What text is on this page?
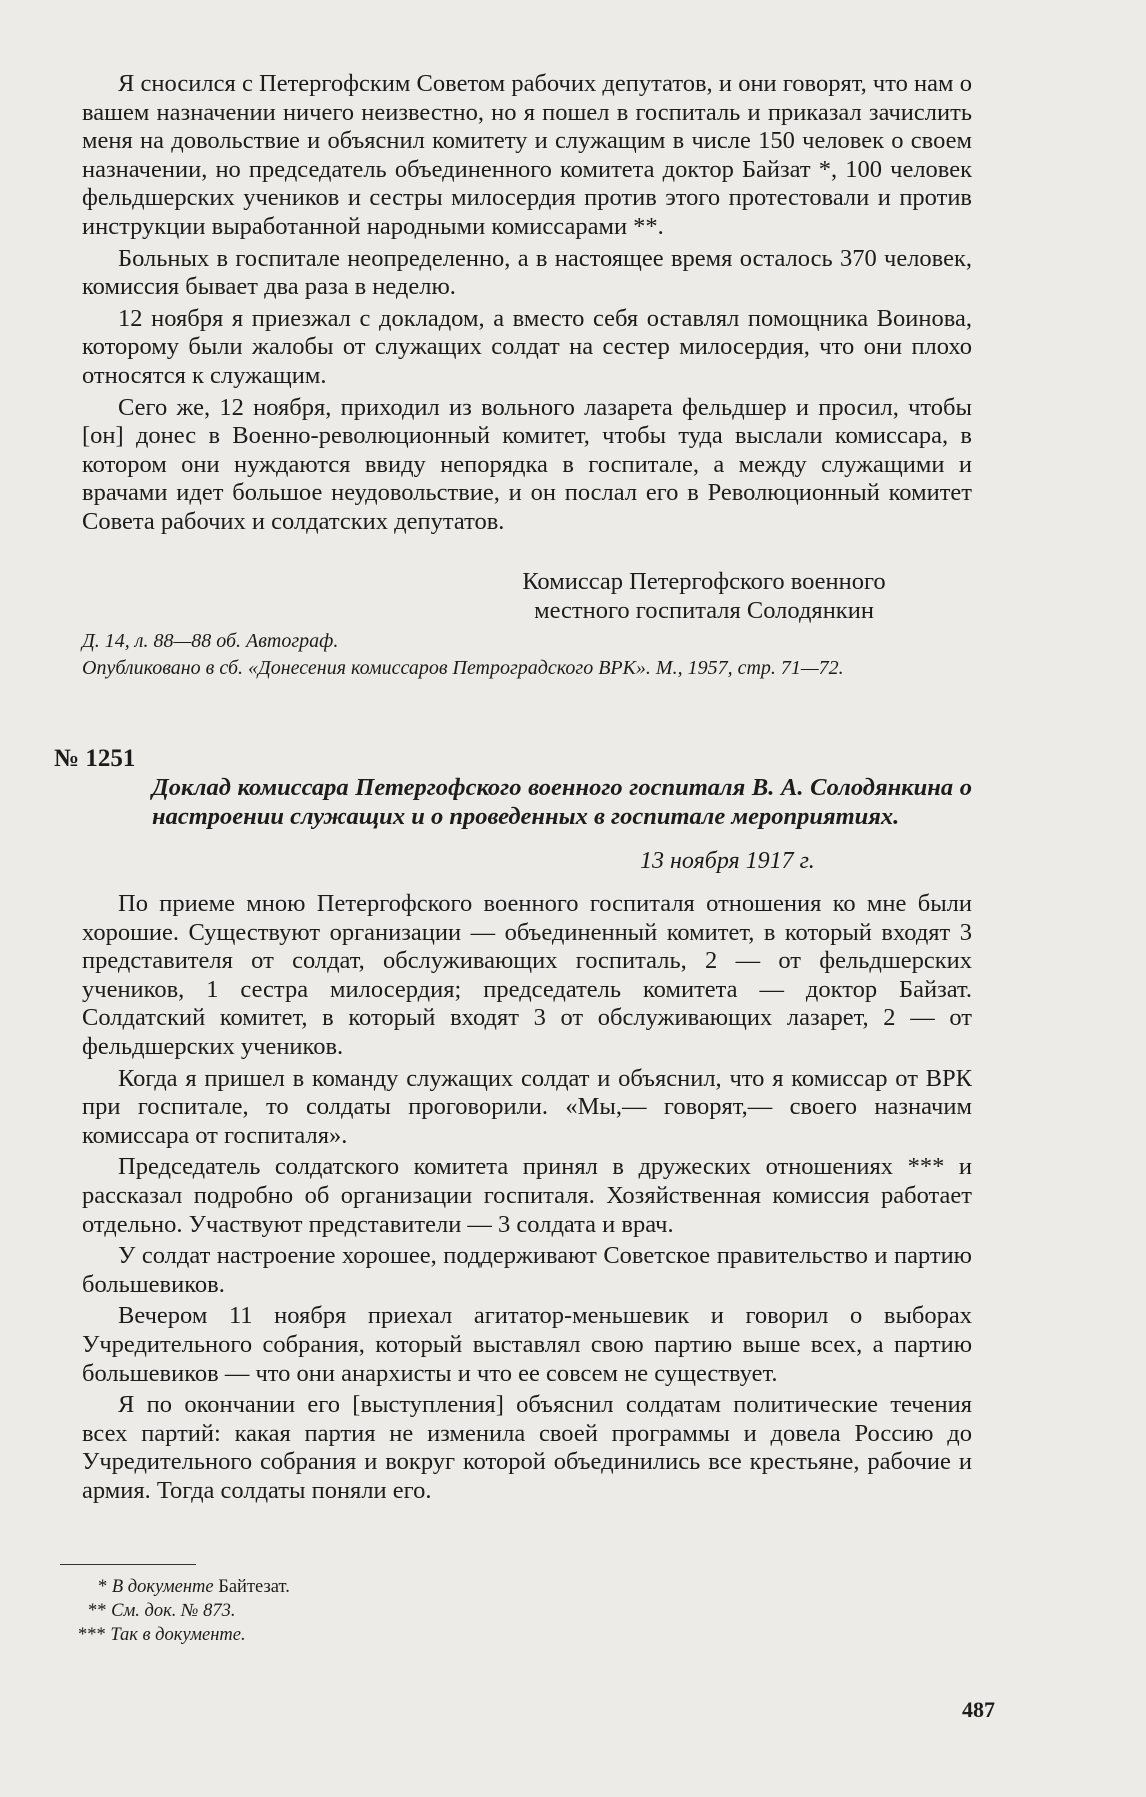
Я сносился с Петергофским Советом рабочих депутатов, и они говорят, что нам о вашем назначении ничего неизвестно, но я пошел в госпиталь и приказал зачислить меня на довольствие и объяснил комитету и служащим в числе 150 человек о своем назначении, но председатель объединенного комитета доктор Байзат *, 100 человек фельдшерских учеников и сестры милосердия против этого протестовали и против инструкции выработанной народными комиссарами **.

Больных в госпитале неопределенно, а в настоящее время осталось 370 человек, комиссия бывает два раза в неделю.

12 ноября я приезжал с докладом, а вместо себя оставлял помощника Воинова, которому были жалобы от служащих солдат на сестер милосердия, что они плохо относятся к служащим.

Сего же, 12 ноября, приходил из вольного лазарета фельдшер и просил, чтобы [он] донес в Военно-революционный комитет, чтобы туда выслали комиссара, в котором они нуждаются ввиду непорядка в госпитале, а между служащими и врачами идет большое неудовольствие, и он послал его в Революционный комитет Совета рабочих и солдатских депутатов.

Комиссар Петергофского военного
местного госпиталя Солодянкин

Д. 14, л. 88—88 об. Автограф.

Опубликовано в сб. «Донесения комиссаров Петроградского ВРК». М., 1957, стр. 71—72.

№ 1251
Доклад комиссара Петергофского военного госпиталя В. А. Солодянкина о настроении служащих и о проведенных в госпитале мероприятиях.
13 ноября 1917 г.

По приеме мною Петергофского военного госпиталя отношения ко мне были хорошие. Существуют организации — объединенный комитет, в который входят 3 представителя от солдат, обслуживающих госпиталь, 2 — от фельдшерских учеников, 1 сестра милосердия; председатель комитета — доктор Байзат. Солдатский комитет, в который входят 3 от обслуживающих лазарет, 2 — от фельдшерских учеников.

Когда я пришел в команду служащих солдат и объяснил, что я комиссар от ВРК при госпитале, то солдаты проговорили. «Мы,— говорят,— своего назначим комиссара от госпиталя».

Председатель солдатского комитета принял в дружеских отношениях *** и рассказал подробно об организации госпиталя. Хозяйственная комиссия работает отдельно. Участвуют представители — 3 солдата и врач.

У солдат настроение хорошее, поддерживают Советское правительство и партию большевиков.

Вечером 11 ноября приехал агитатор-меньшевик и говорил о выборах Учредительного собрания, который выставлял свою партию выше всех, а партию большевиков — что они анархисты и что ее совсем не существует.

Я по окончании его [выступления] объяснил солдатам политические течения всех партий: какая партия не изменила своей программы и довела Россию до Учредительного собрания и вокруг которой объединились все крестьяне, рабочие и армия. Тогда солдаты поняли его.

* В документе Байтезат.
** См. док. № 873.
*** Так в документе.
487
